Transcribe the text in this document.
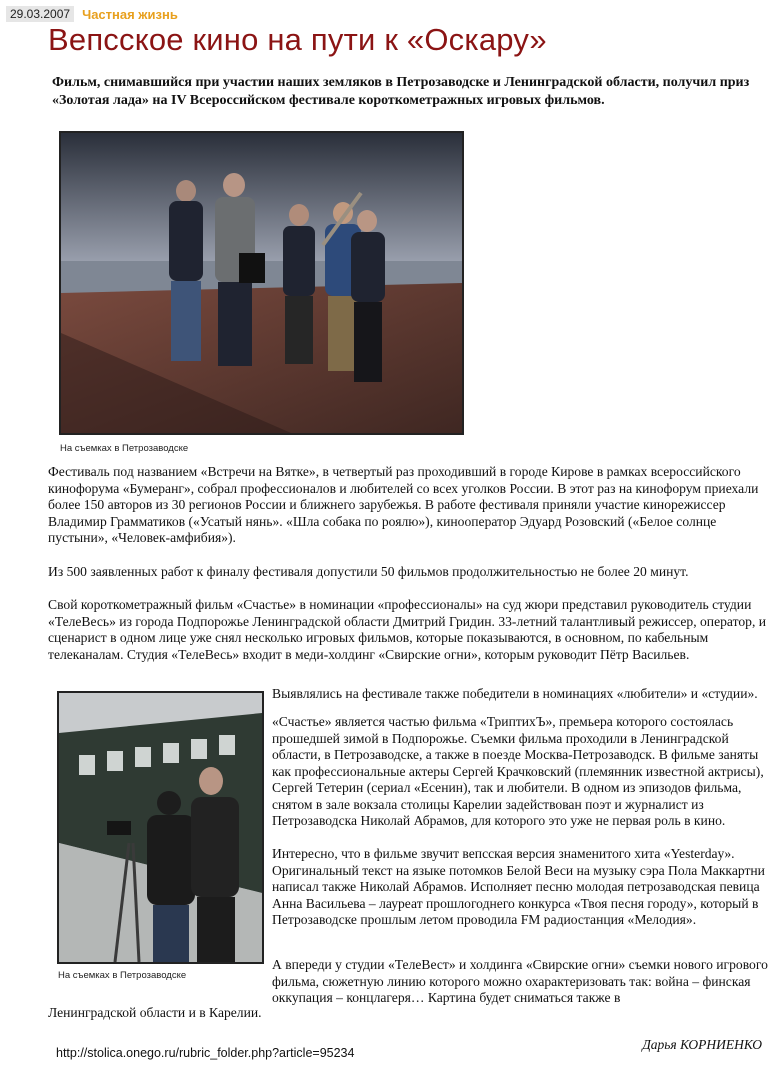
29.03.2007 Частная жизнь
Вепсское кино на пути к «Оскару»

Фильм, снимавшийся при участии наших земляков в Петрозаводске и Ленинградской области, получил приз «Золотая лада» на IV Всероссийском фестивале короткометражных игровых фильмов.

На съемках в Петрозаводске

Фестиваль под названием «Встречи на Вятке», в четвертый раз проходивший в городе Кирове в рамках всероссийского кинофорума «Бумеранг», собрал профессионалов и любителей со всех уголков России. В этот раз на кинофорум приехали более 150 авторов из 30 регионов России и ближнего зарубежья. В работе фестиваля приняли участие кинорежиссер Владимир Грамматиков («Усатый нянь». «Шла собака по роялю»), кинооператор Эдуард Розовский («Белое солнце пустыни», «Человек-амфибия»).

Из 500 заявленных работ к финалу фестиваля допустили 50 фильмов продолжительностью не более 20 минут.

Свой короткометражный фильм «Счастье» в номинации «профессионалы» на суд жюри представил руководитель студии «ТелеВесь» из города Подпорожье Ленинградской области Дмитрий Гридин. 33-летний талантливый режиссер, оператор, и сценарист в одном лице уже снял несколько игровых фильмов, которые показываются, в основном, по кабельным телеканалам. Студия «ТелеВесь» входит в меди-холдинг «Свирские огни», которым руководит Пётр Васильев.

На съемках в Петрозаводске

Выявлялись на фестивале также победители в номинациях «любители» и «студии».

«Счастье» является частью фильма «ТриптихЪ», премьера которого состоялась прошедшей зимой в Подпорожье. Съемки фильма проходили в Ленинградской области, в Петрозаводске, а также в поезде Москва-Петрозаводск. В фильме заняты как профессиональные актеры Сергей Крачковский (племянник известной актрисы), Сергей Тетерин (сериал «Есенин), так и любители. В одном из эпизодов фильма, снятом в зале вокзала столицы Карелии задействован поэт и журналист из Петрозаводска Николай Абрамов, для которого это уже не первая роль в кино.

Интересно, что в фильме звучит вепсская версия знаменитого хита «Yesterday». Оригинальный текст на языке потомков Белой Веси на музыку сэра Пола Маккартни написал также Николай Абрамов. Исполняет песню молодая петрозаводская певица Анна Васильева – лауреат прошлогоднего конкурса «Твоя песня городу», который в Петрозаводске прошлым летом проводила FM радиостанция «Мелодия».

А впереди у студии «ТелеВест» и холдинга «Свирские огни» съемки нового игрового фильма, сюжетную линию которого можно охарактеризовать так: война – финская оккупация – концлагеря… Картина будет сниматься также в

Ленинградской области и в Карелии.

Дарья КОРНИЕНКО
http://stolica.onego.ru/rubric_folder.php?article=95234
